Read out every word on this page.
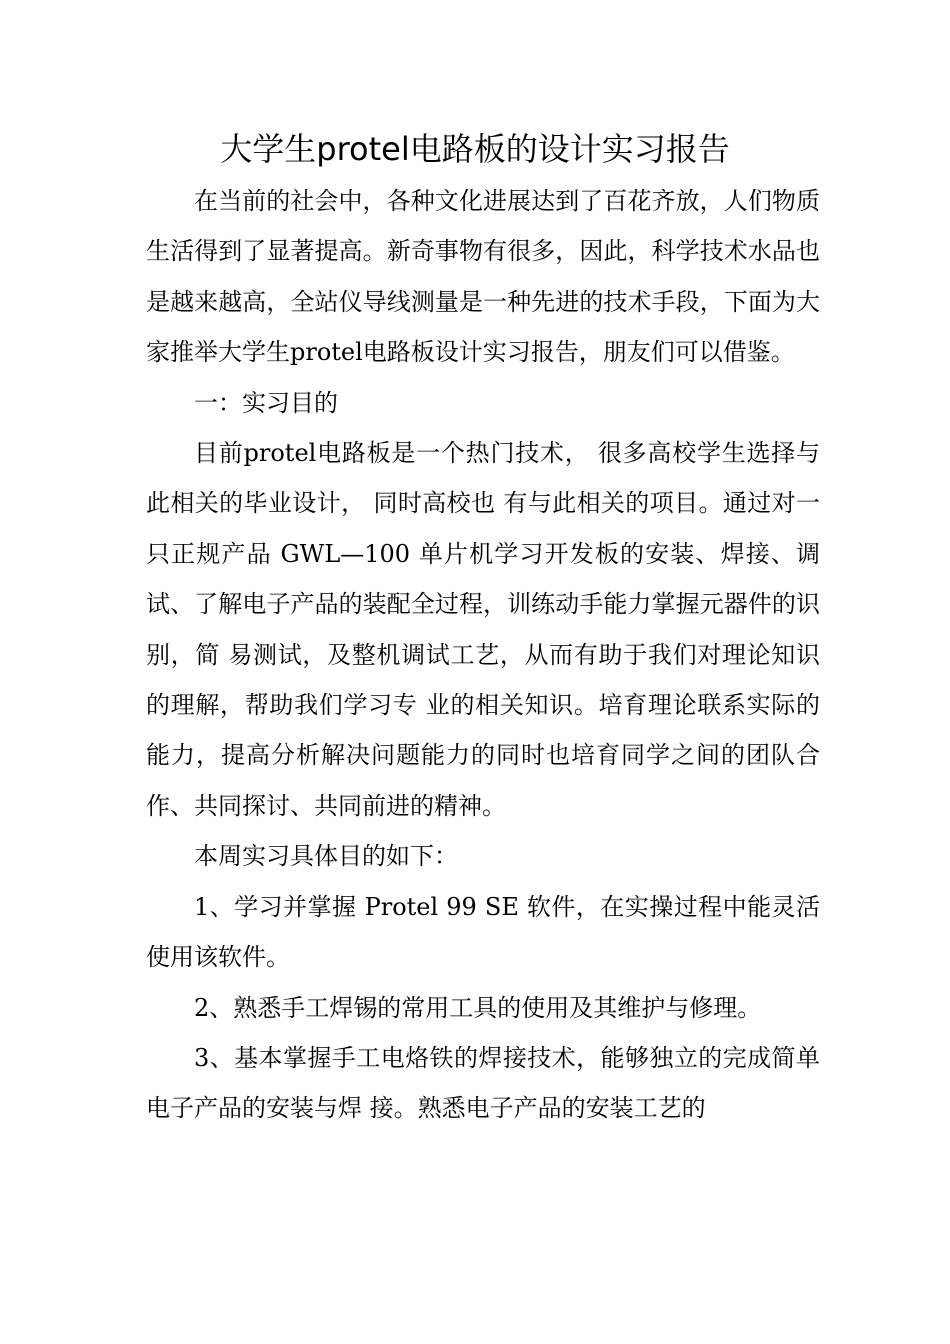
大学生protel电路板的设计实习报告

在当前的社会中，各种文化进展达到了百花齐放，人们物质生活得到了显著提高。新奇事物有很多，因此，科学技术水品也是越来越高，全站仪导线测量是一种先进的技术手段，下面为大家推举大学生protel电路板设计实习报告，朋友们可以借鉴。

一：实习目的

目前protel电路板是一个热门技术， 很多高校学生选择与此相关的毕业设计， 同时高校也 有与此相关的项目。通过对一只正规产品 GWL—100 单片机学习开发板的安装、焊接、调试、了解电子产品的装配全过程，训练动手能力掌握元器件的识别，简 易测试，及整机调试工艺，从而有助于我们对理论知识的理解，帮助我们学习专 业的相关知识。培育理论联系实际的能力，提高分析解决问题能力的同时也培育同学之间的团队合作、共同探讨、共同前进的精神。

本周实习具体目的如下：

1、学习并掌握 Protel 99 SE 软件，在实操过程中能灵活使用该软件。

2、熟悉手工焊锡的常用工具的使用及其维护与修理。

3、基本掌握手工电烙铁的焊接技术，能够独立的完成简单电子产品的安装与焊 接。熟悉电子产品的安装工艺的
